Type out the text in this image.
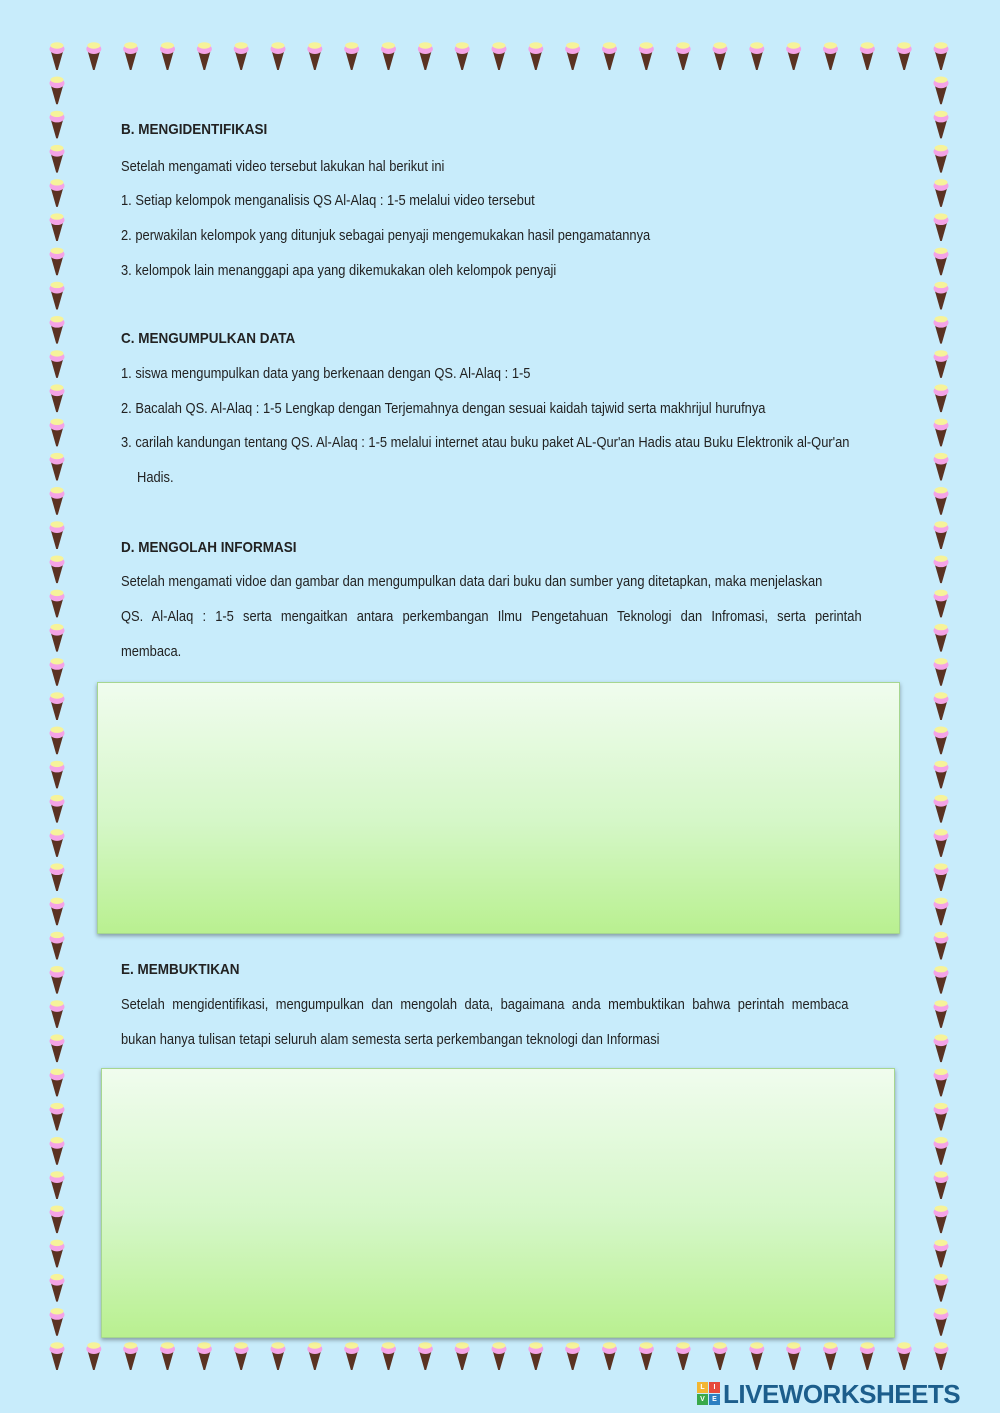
B. MENGIDENTIFIKASI
Setelah mengamati video tersebut lakukan hal berikut ini
1. Setiap kelompok menganalisis QS Al-Alaq : 1-5 melalui video tersebut
2. perwakilan kelompok yang ditunjuk sebagai penyaji mengemukakan hasil pengamatannya
3. kelompok lain menanggapi apa yang dikemukakan oleh kelompok penyaji
C. MENGUMPULKAN DATA
1. siswa mengumpulkan data yang berkenaan dengan QS. Al-Alaq : 1-5
2. Bacalah QS. Al-Alaq : 1-5 Lengkap dengan Terjemahnya dengan sesuai kaidah tajwid serta makhrijul hurufnya
3. carilah kandungan tentang QS. Al-Alaq : 1-5 melalui internet atau buku paket AL-Qur'an Hadis atau Buku Elektronik al-Qur'an
Hadis.
D. MENGOLAH INFORMASI
Setelah mengamati vidoe dan gambar dan mengumpulkan data dari buku dan sumber yang ditetapkan, maka menjelaskan
QS. Al-Alaq : 1-5 serta mengaitkan antara perkembangan Ilmu Pengetahuan Teknologi dan Infromasi, serta perintah
membaca.
E. MEMBUKTIKAN
Setelah mengidentifikasi, mengumpulkan dan mengolah data, bagaimana anda membuktikan bahwa perintah membaca
bukan hanya tulisan tetapi seluruh alam semesta serta perkembangan teknologi dan Informasi
L	I
V	E LIVEWORKSHEETS
